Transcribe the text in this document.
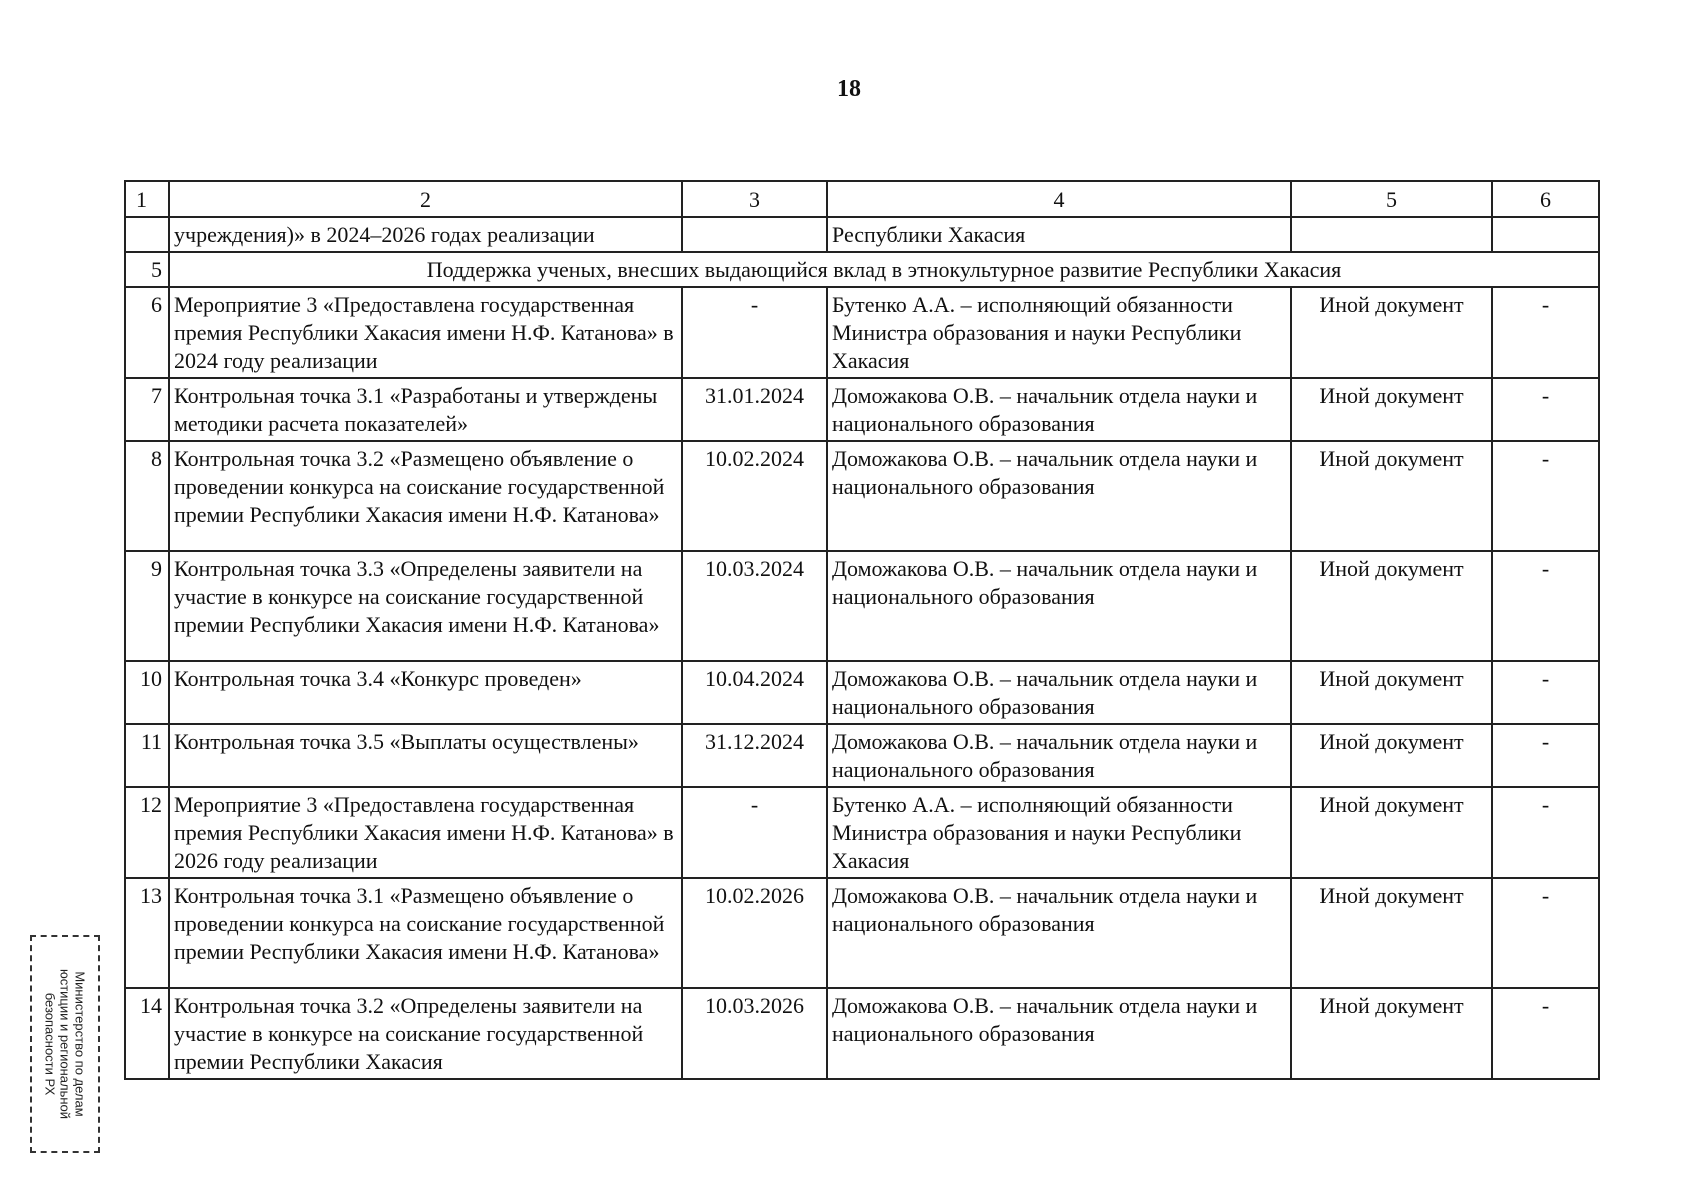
18
1	2	3	4	5	6
	учреждения)» в 2024–2026 годах реализации		Республики Хакасия		
5	Поддержка ученых, внесших выдающийся вклад в этнокультурное развитие Республики Хакасия				
6	Мероприятие 3 «Предоставлена государственная премия Республики Хакасия имени Н.Ф. Катанова» в 2024 году реализации	-	Бутенко А.А. – исполняющий обязанности Министра образования и науки Республики Хакасия	Иной документ	-
7	Контрольная точка 3.1 «Разработаны и утверждены методики расчета показателей»	31.01.2024	Доможакова О.В. – начальник отдела науки и национального образования	Иной документ	-
8	Контрольная точка 3.2 «Размещено объявление о проведении конкурса на соискание государственной премии Республики Хакасия имени Н.Ф. Катанова»	10.02.2024	Доможакова О.В. – начальник отдела науки и национального образования	Иной документ	-
9	Контрольная точка 3.3 «Определены заявители на участие в конкурсе на соискание государственной премии Республики Хакасия имени Н.Ф. Катанова»	10.03.2024	Доможакова О.В. – начальник отдела науки и национального образования	Иной документ	-
10	Контрольная точка 3.4 «Конкурс проведен»	10.04.2024	Доможакова О.В. – начальник отдела науки и национального образования	Иной документ	-
11	Контрольная точка 3.5 «Выплаты осуществлены»	31.12.2024	Доможакова О.В. – начальник отдела науки и национального образования	Иной документ	-
12	Мероприятие 3 «Предоставлена государственная премия Республики Хакасия имени Н.Ф. Катанова» в 2026 году реализации	-	Бутенко А.А. – исполняющий обязанности Министра образования и науки Республики Хакасия	Иной документ	-
13	Контрольная точка 3.1 «Размещено объявление о проведении конкурса на соискание государственной премии Республики Хакасия имени Н.Ф. Катанова»	10.02.2026	Доможакова О.В. – начальник отдела науки и национального образования	Иной документ	-
14	Контрольная точка 3.2 «Определены заявители на участие в конкурсе на соискание государственной премии Республики Хакасия	10.03.2026	Доможакова О.В. – начальник отдела науки и национального образования	Иной документ	-
Министерство по делам
юстиции и региональной
безопасности РХ
